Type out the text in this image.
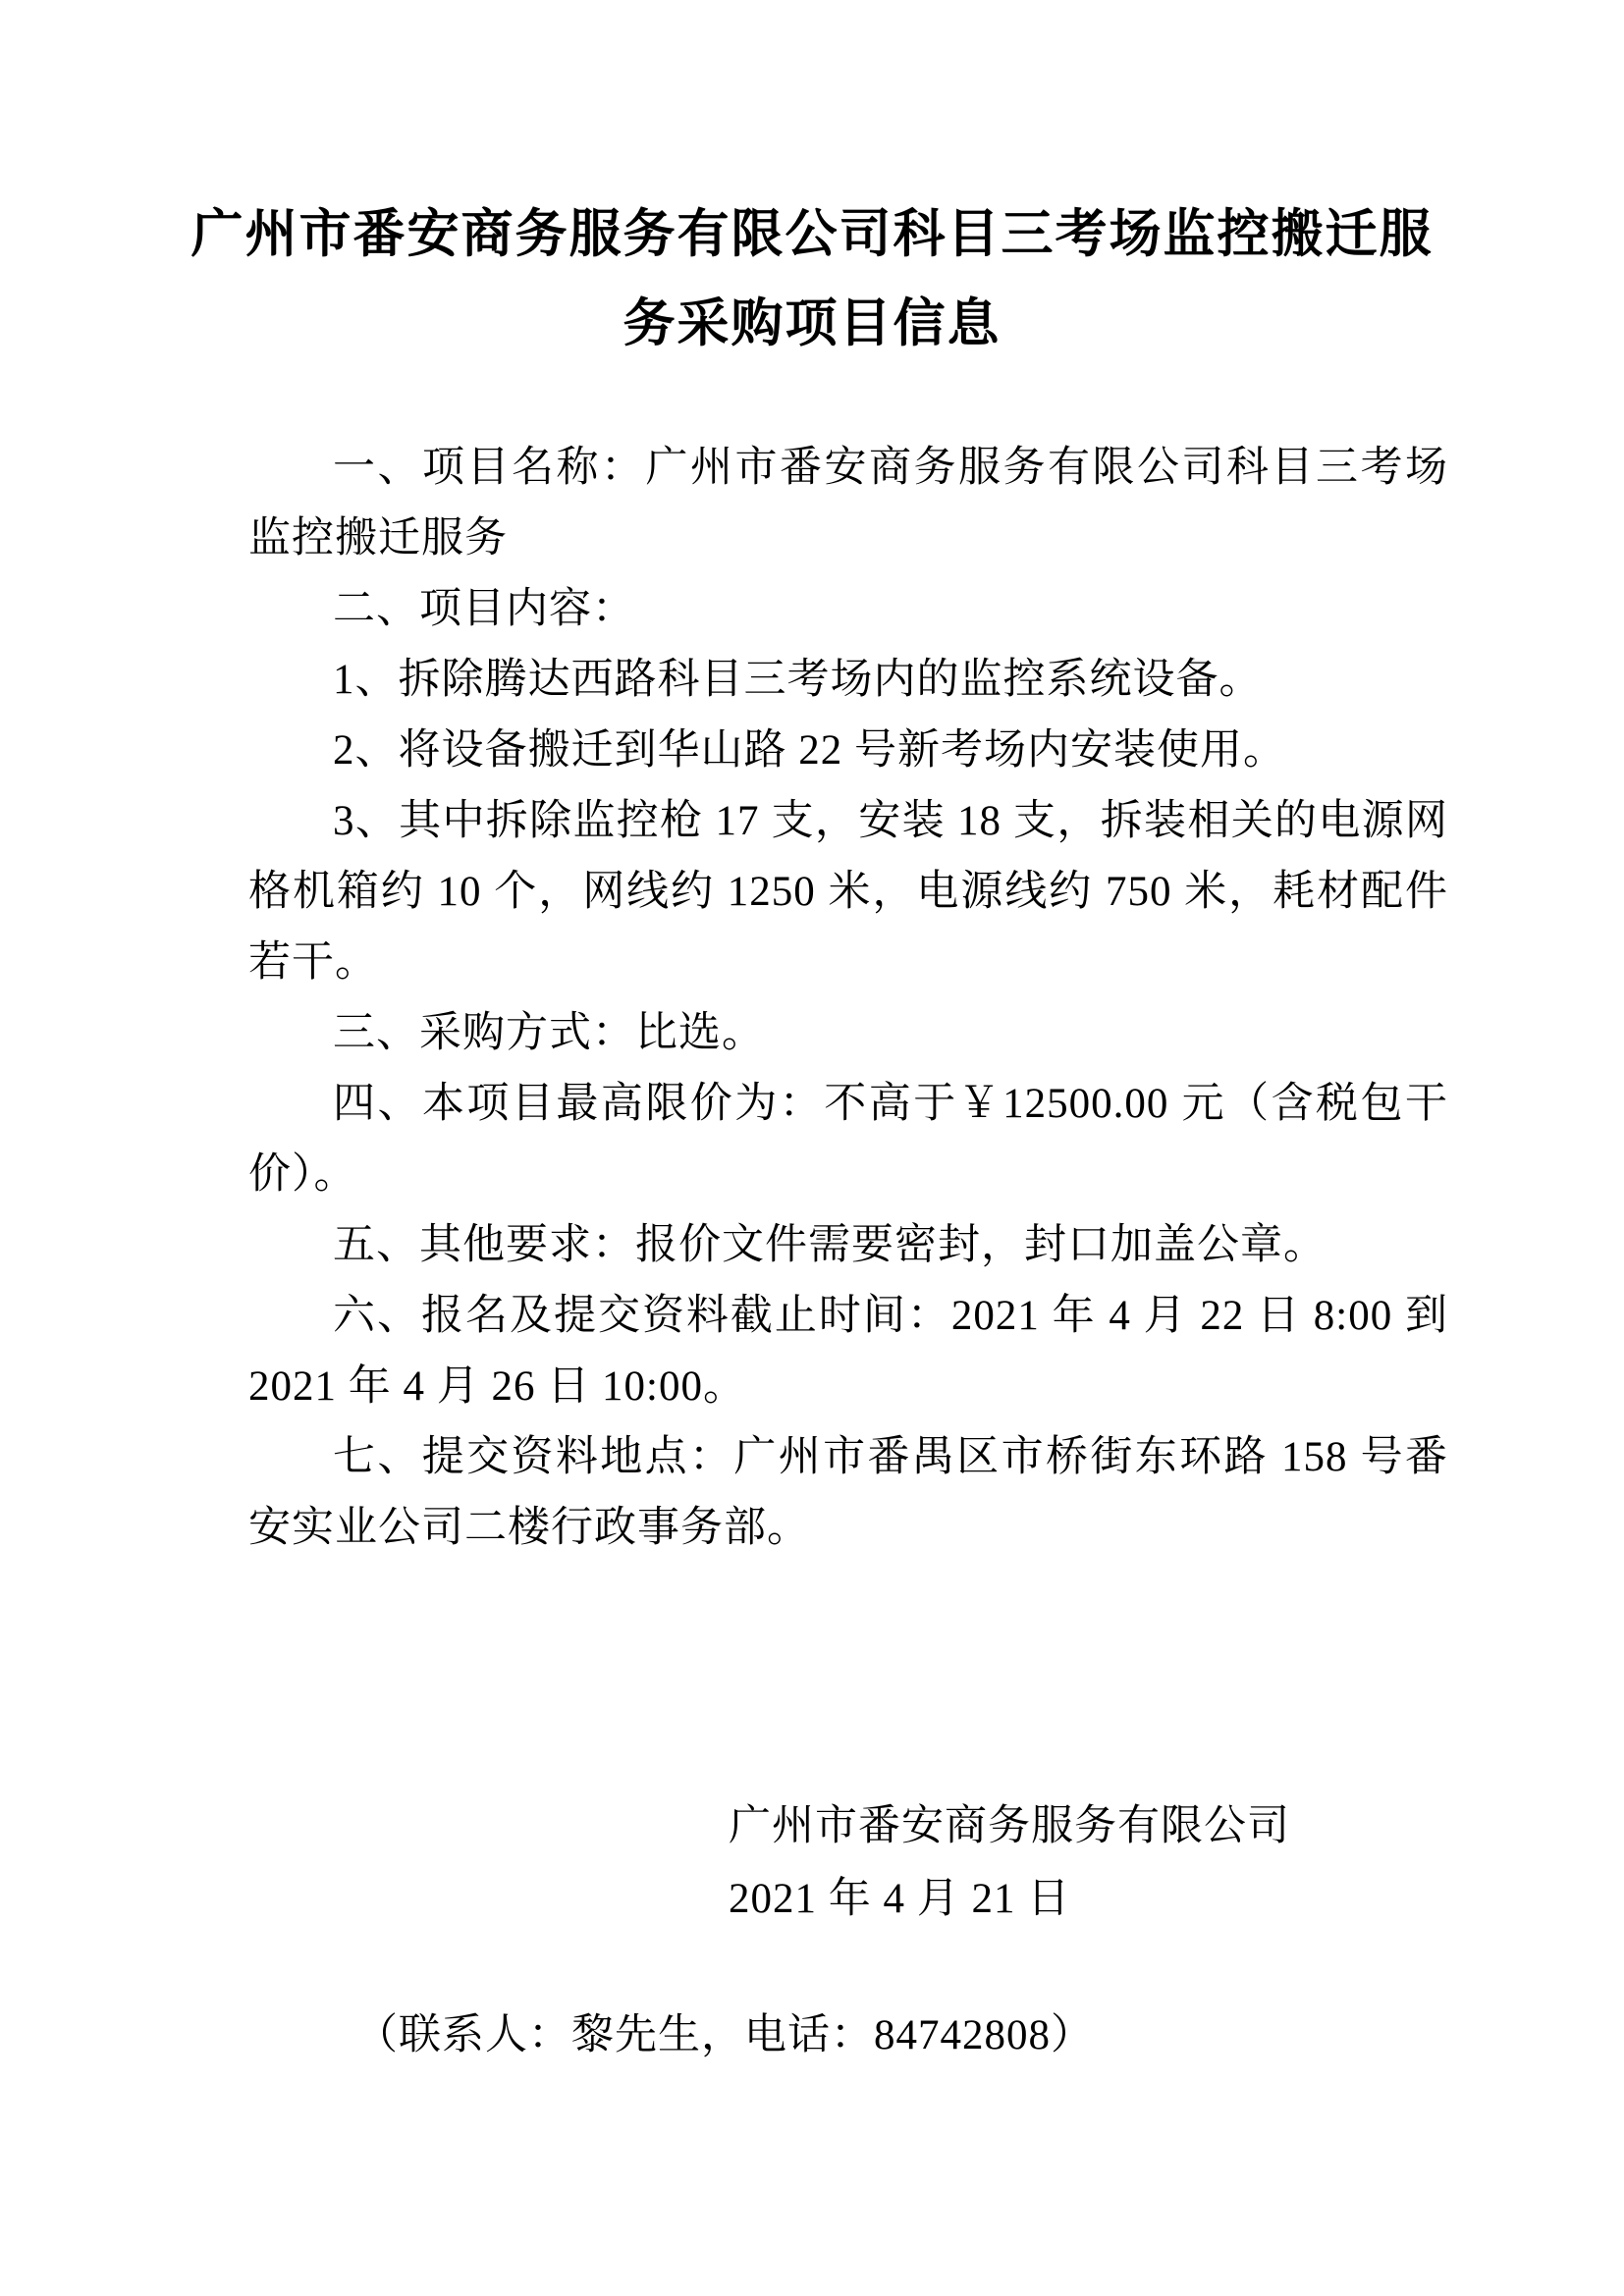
广州市番安商务服务有限公司科目三考场监控搬迁服
务采购项目信息

一、项目名称：广州市番安商务服务有限公司科目三考场监控搬迁服务

二、项目内容：

1、拆除腾达西路科目三考场内的监控系统设备。

2、将设备搬迁到华山路 22 号新考场内安装使用。

3、其中拆除监控枪 17 支，安装 18 支，拆装相关的电源网格机箱约 10 个，网线约 1250 米，电源线约 750 米，耗材配件若干。

三、采购方式：比选。

四、本项目最高限价为：不高于￥12500.00 元（含税包干价）。

五、其他要求：报价文件需要密封，封口加盖公章。

六、报名及提交资料截止时间：2021 年 4 月 22 日 8:00 到 2021 年 4 月 26 日 10:00。

七、提交资料地点：广州市番禺区市桥街东环路 158 号番安实业公司二楼行政事务部。

广州市番安商务服务有限公司
2021 年 4 月 21 日
（联系人：黎先生，电话：84742808）
